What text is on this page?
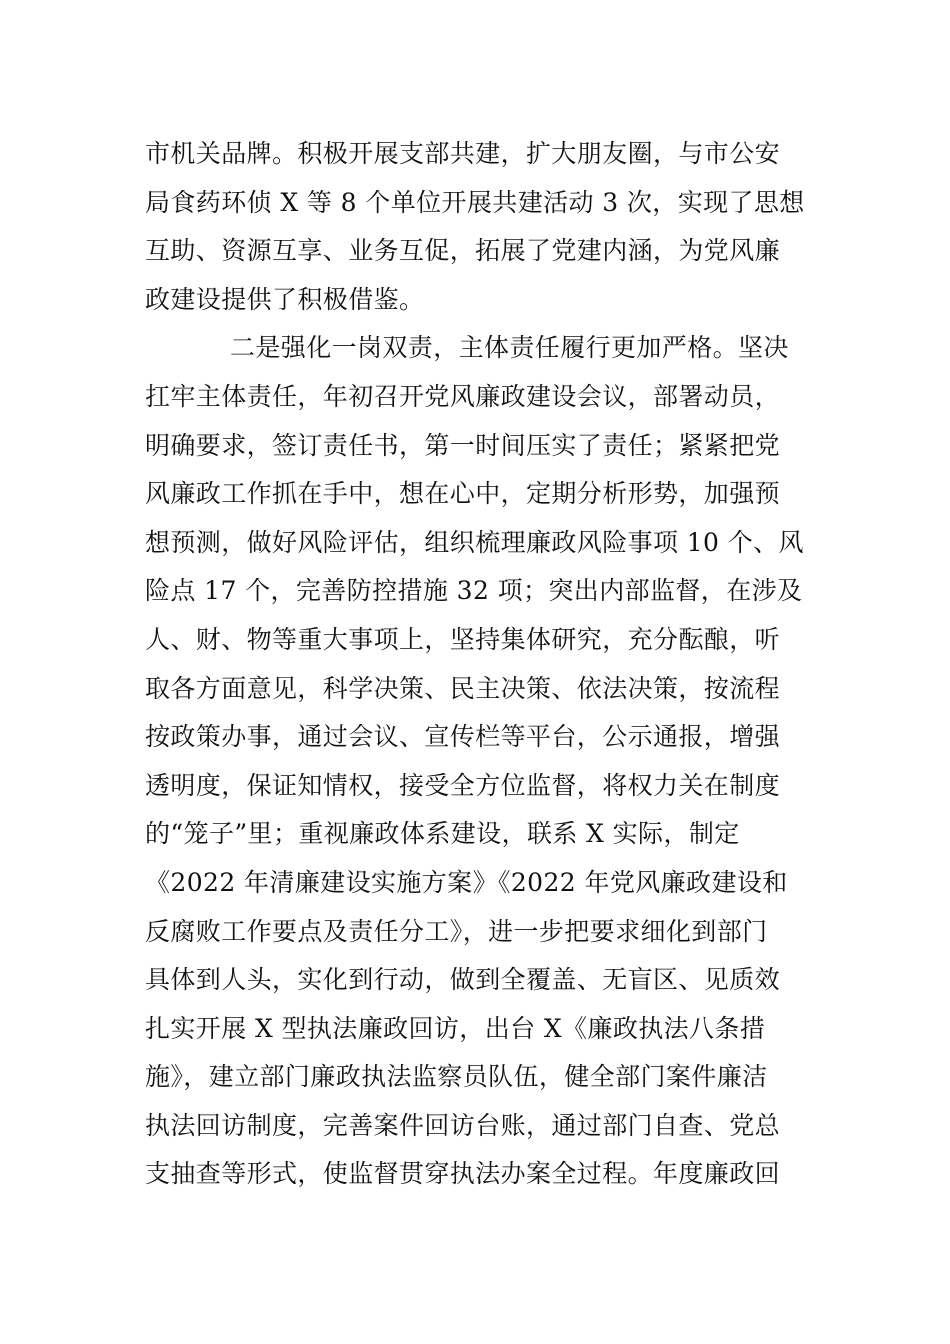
市机关品牌。积极开展支部共建，扩大朋友圈，与市公安
局食药环侦 X 等 8 个单位开展共建活动 3 次，实现了思想
互助、资源互享、业务互促，拓展了党建内涵，为党风廉
政建设提供了积极借鉴。
二是强化一岗双责，主体责任履行更加严格。坚决
扛牢主体责任，年初召开党风廉政建设会议，部署动员，
明确要求，签订责任书，第一时间压实了责任；紧紧把党
风廉政工作抓在手中，想在心中，定期分析形势，加强预
想预测，做好风险评估，组织梳理廉政风险事项 10 个、风
险点 17 个，完善防控措施 32 项；突出内部监督，在涉及
人、财、物等重大事项上，坚持集体研究，充分酝酿，听
取各方面意见，科学决策、民主决策、依法决策，按流程
按政策办事，通过会议、宣传栏等平台，公示通报，增强
透明度，保证知情权，接受全方位监督，将权力关在制度
的“笼子”里；重视廉政体系建设，联系 X 实际，制定
《2022 年清廉建设实施方案》《2022 年党风廉政建设和
反腐败工作要点及责任分工》，进一步把要求细化到部门
具体到人头，实化到行动，做到全覆盖、无盲区、见质效
扎实开展 X 型执法廉政回访，出台 X《廉政执法八条措
施》，建立部门廉政执法监察员队伍，健全部门案件廉洁
执法回访制度，完善案件回访台账，通过部门自查、党总
支抽查等形式，使监督贯穿执法办案全过程。年度廉政回
